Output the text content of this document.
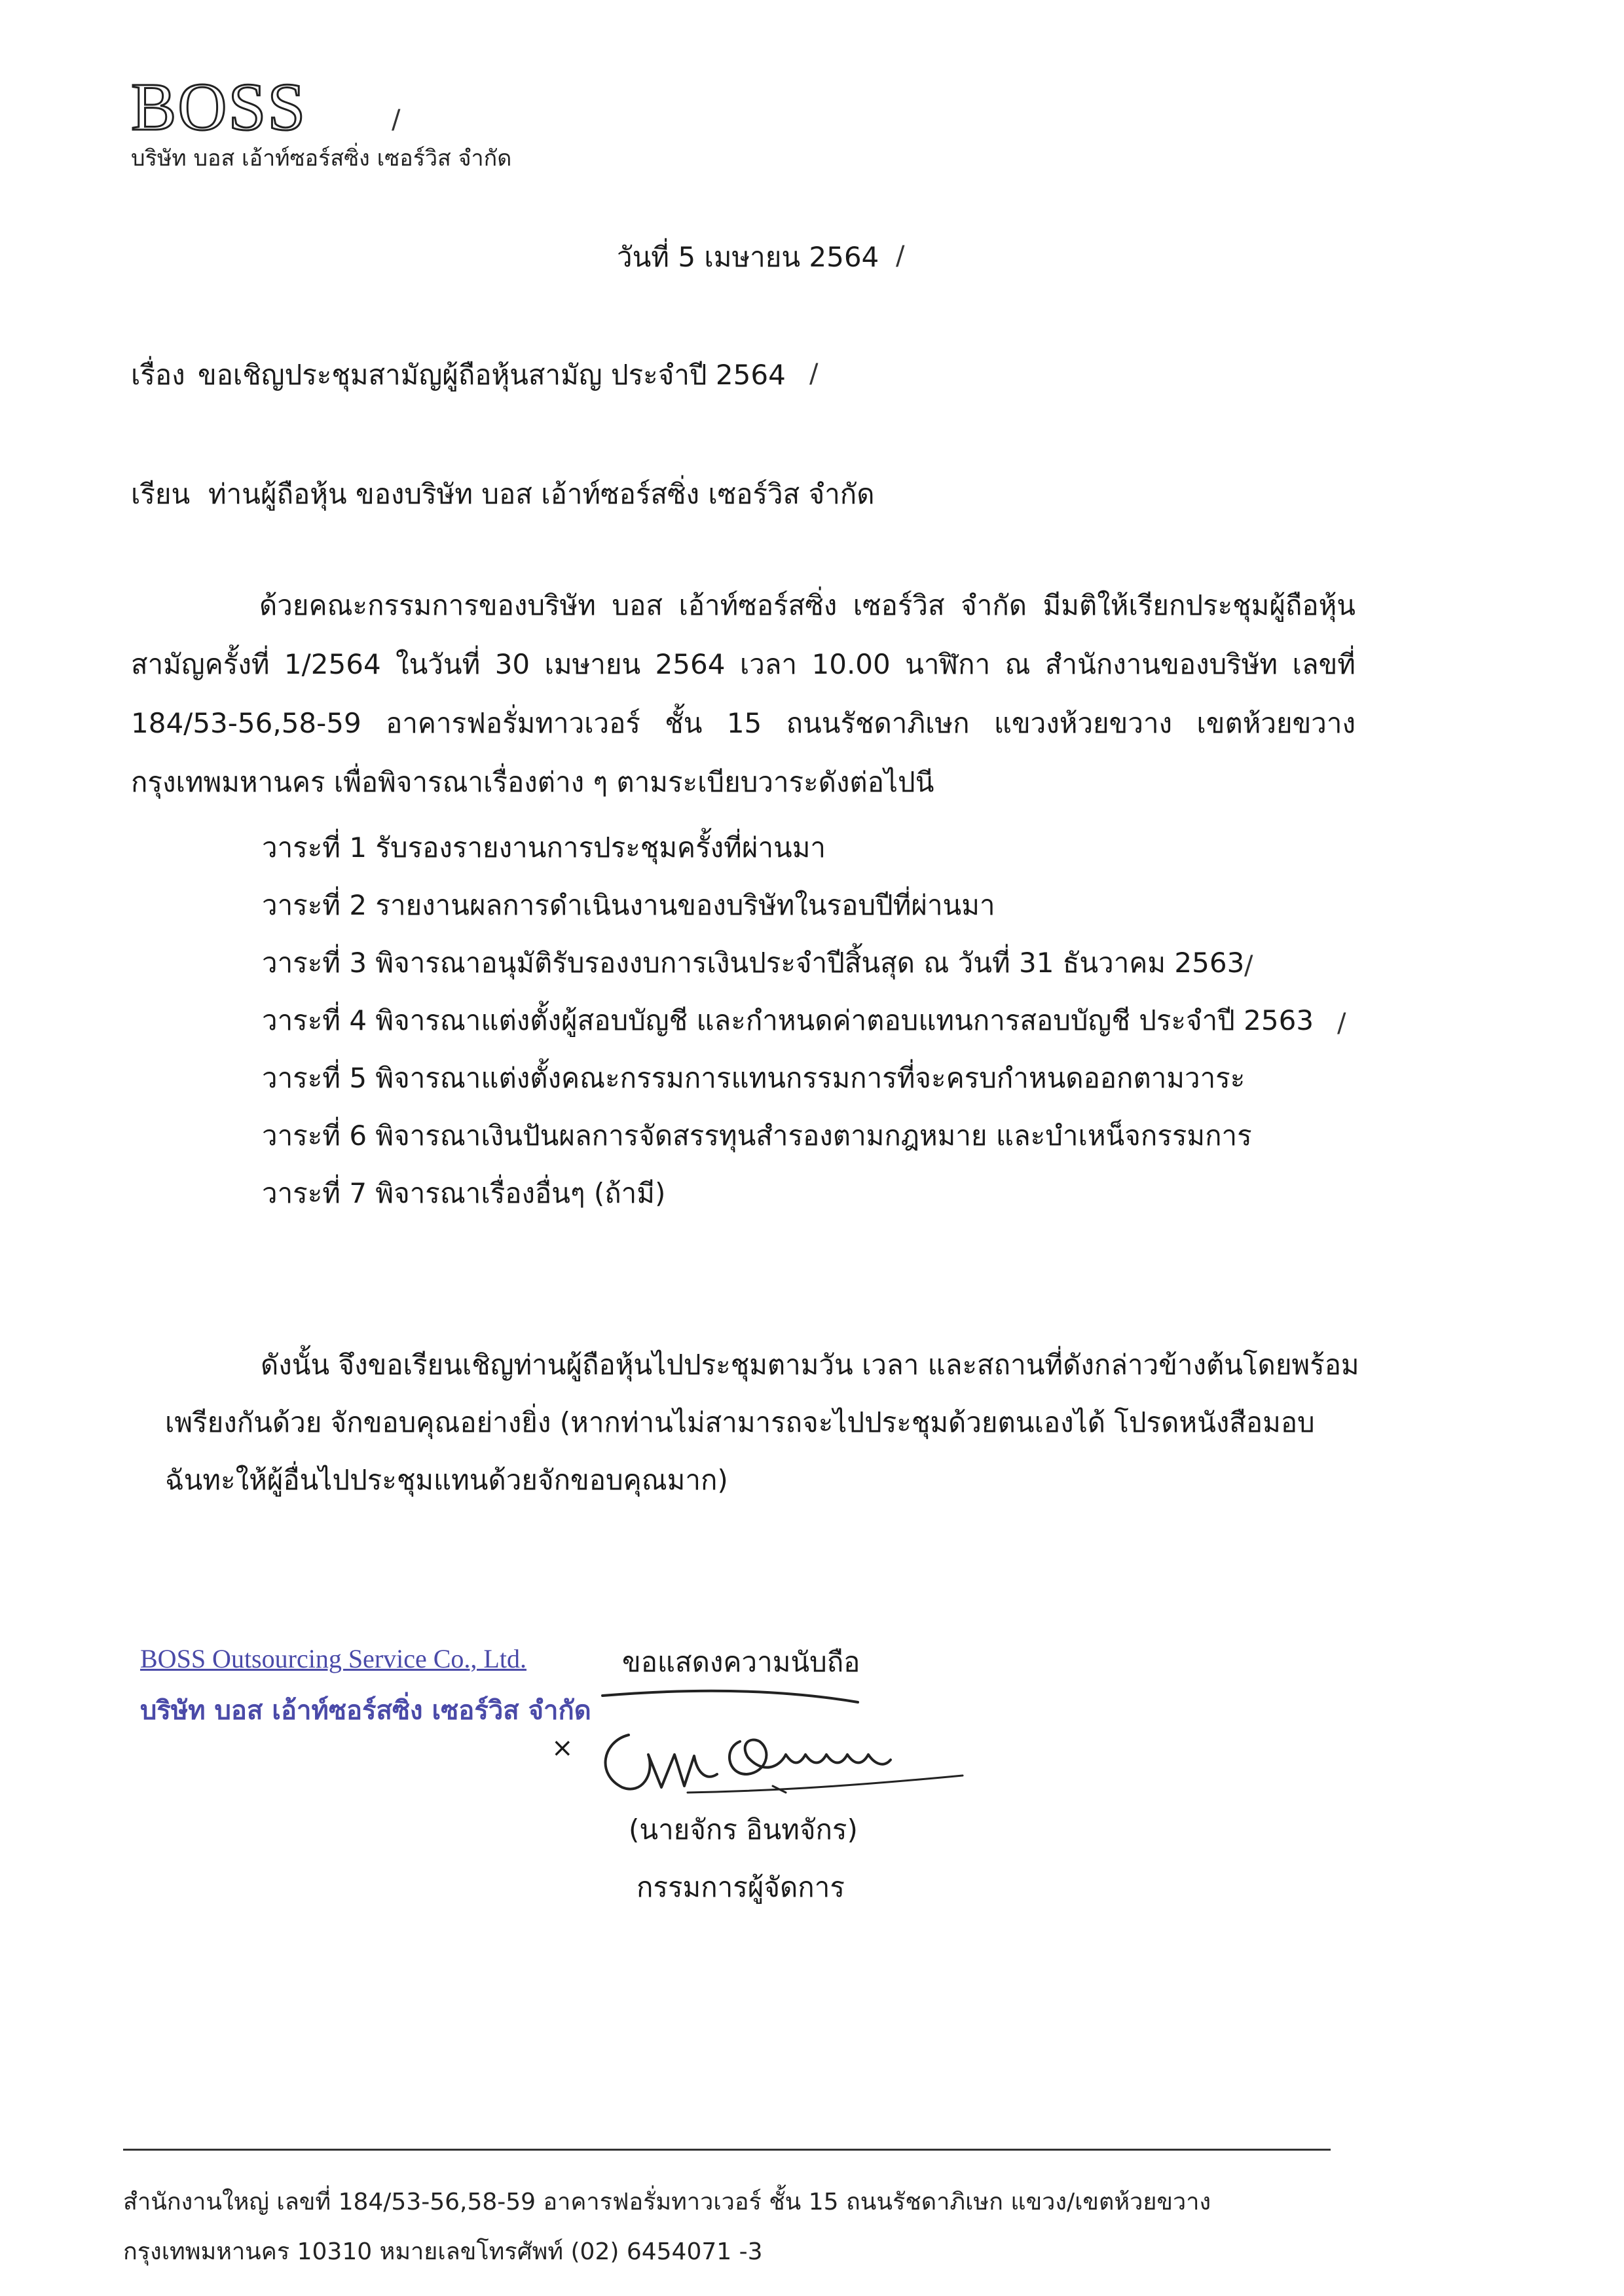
BOSS	/
บริษัท บอส เอ้าท์ซอร์สซิ่ง เซอร์วิส จำกัด
วันที่ 5 เมษายน 2564 /
เรื่อง ขอเชิญประชุมสามัญผู้ถือหุ้นสามัญ ประจำปี 2564 /
เรียน ท่านผู้ถือหุ้น ของบริษัท บอส เอ้าท์ซอร์สซิ่ง เซอร์วิส จำกัด
ด้วยคณะกรรมการของบริษัท บอส เอ้าท์ซอร์สซิ่ง เซอร์วิส จำกัด มีมติให้เรียกประชุมผู้ถือหุ้นสามัญครั้งที่ 1/2564 ในวันที่ 30 เมษายน 2564 เวลา 10.00 นาฬิกา ณ สำนักงานของบริษัท เลขที่ 184/53-56,58-59 อาคารฟอรั่มทาวเวอร์ ชั้น 15 ถนนรัชดาภิเษก แขวงห้วยขวาง เขตห้วยขวาง กรุงเทพมหานคร เพื่อพิจารณาเรื่องต่าง ๆ ตามระเบียบวาระดังต่อไปนี
วาระที่ 1 รับรองรายงานการประชุมครั้งที่ผ่านมา
วาระที่ 2 รายงานผลการดำเนินงานของบริษัทในรอบปีที่ผ่านมา
วาระที่ 3 พิจารณาอนุมัติรับรองงบการเงินประจำปีสิ้นสุด ณ วันที่ 31 ธันวาคม 2563 /
วาระที่ 4 พิจารณาแต่งตั้งผู้สอบบัญชี และกำหนดค่าตอบแทนการสอบบัญชี ประจำปี 2563 /
วาระที่ 5 พิจารณาแต่งตั้งคณะกรรมการแทนกรรมการที่จะครบกำหนดออกตามวาระ
วาระที่ 6 พิจารณาเงินปันผลการจัดสรรทุนสำรองตามกฎหมาย และบำเหน็จกรรมการ
วาระที่ 7 พิจารณาเรื่องอื่นๆ (ถ้ามี)
ดังนั้น จึงขอเรียนเชิญท่านผู้ถือหุ้นไปประชุมตามวัน เวลา และสถานที่ดังกล่าวข้างต้นโดยพร้อม
เพรียงกันด้วย จักขอบคุณอย่างยิ่ง (หากท่านไม่สามารถจะไปประชุมด้วยตนเองได้ โปรดหนังสือมอบ
ฉันทะให้ผู้อื่นไปประชุมแทนด้วยจักขอบคุณมาก)
BOSS Outsourcing Service Co., Ltd.
บริษัท บอส เอ้าท์ซอร์สซิ่ง เซอร์วิส จำกัด
ขอแสดงความนับถือ
×
(นายจักร อินทจักร)
กรรมการผู้จัดการ
สำนักงานใหญ่ เลขที่ 184/53-56,58-59 อาคารฟอรั่มทาวเวอร์ ชั้น 15 ถนนรัชดาภิเษก แขวง/เขตห้วยขวาง
กรุงเทพมหานคร 10310 หมายเลขโทรศัพท์ (02) 6454071 -3
